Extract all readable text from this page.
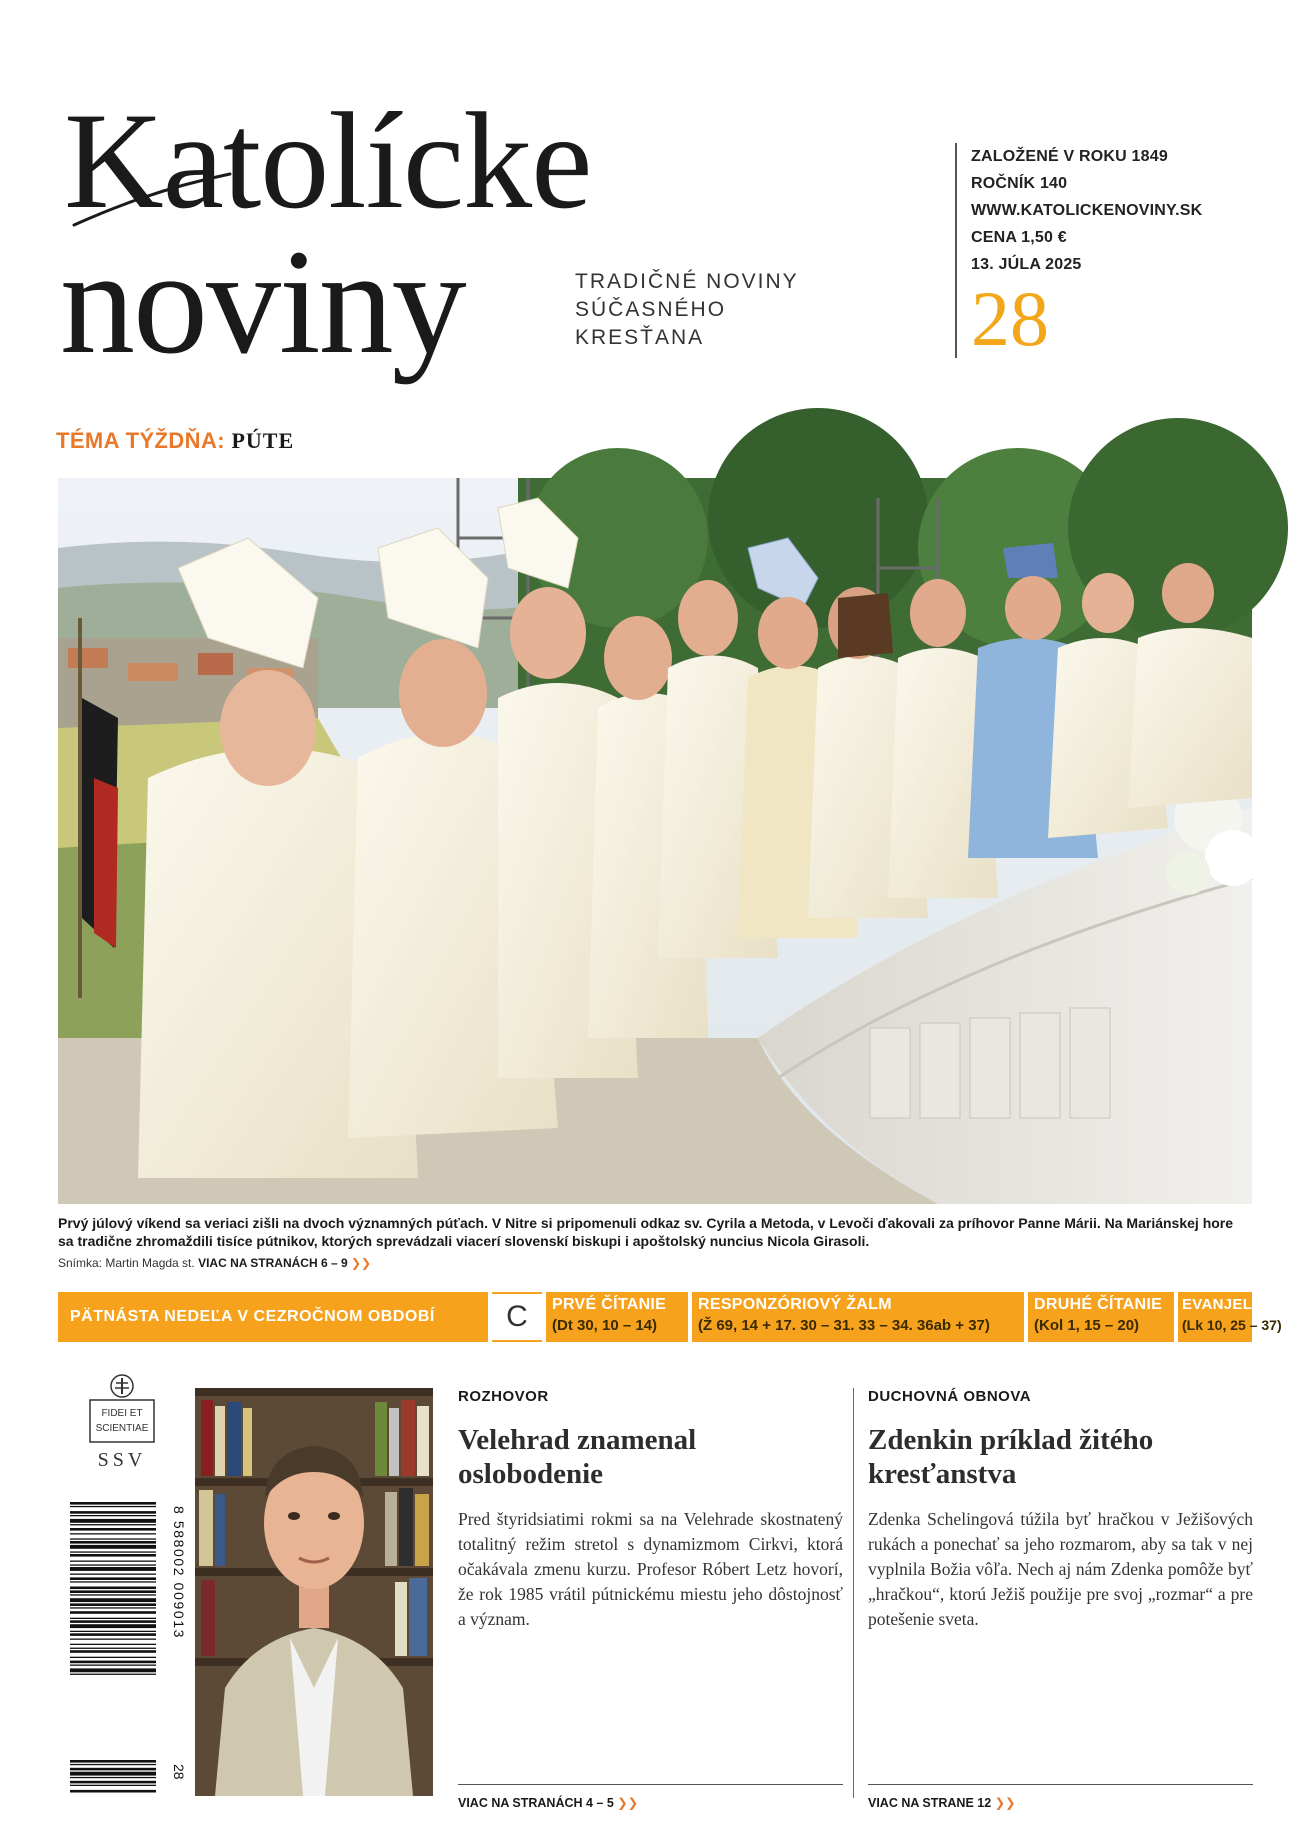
Katolícke
noviny	TRADIČNÉ NOVINY
SÚČASNÉHO
KRESŤANA
ZALOŽENÉ V ROKU 1849
ROČNÍK 140
WWW.KATOLICKENOVINY.SK
CENA 1,50 €
13. JÚLA 2025
28
TÉMA TÝŽDŇA: PÚTE
Prvý júlový víkend sa veriaci zišli na dvoch významných púťach. V Nitre si pripomenuli odkaz sv. Cyrila a Metoda, v Levoči ďakovali za príhovor Panne Márii. Na Mariánskej hore sa tradične zhromaždili tisíce pútnikov, ktorých sprevádzali viacerí slovenskí biskupi i apoštolský nuncius Nicola Girasoli.
Snímka: Martin Magda st. VIAC NA STRANÁCH 6 – 9 ❯❯
PÄTNÁSTA NEDEĽA V CEZROČNOM OBDOBÍ	C	PRVÉ ČÍTANIE
(Dt 30, 10 – 14)
RESPONZÓRIOVÝ ŽALM
(Ž 69, 14 + 17. 30 – 31. 33 – 34. 36ab + 37)
DRUHÉ ČÍTANIE
(Kol 1, 15 – 20)
EVANJELIUM
(Lk 10, 25 – 37)
FIDEI ET
SCIENTIAE
SSV
8 588002 009013
28
ROZHOVOR
Velehrad znamenal oslobodenie
Pred štyridsiatimi rokmi sa na Velehrade skostnatený totalitný režim stretol s dynamizmom Cirkvi, ktorá očakávala zmenu kurzu. Profesor Róbert Letz hovorí, že rok 1985 vrátil pútnickému miestu jeho dôstojnosť a význam.
DUCHOVNÁ OBNOVA
Zdenkin príklad žitého kresťanstva
Zdenka Schelingová túžila byť hračkou v Ježišových rukách a ponechať sa jeho rozmarom, aby sa tak v nej vyplnila Božia vôľa. Nech aj nám Zdenka pomôže byť „hračkou“, ktorú Ježiš použije pre svoj „rozmar“ a pre potešenie sveta.
VIAC NA STRANÁCH 4 – 5 ❯❯	VIAC NA STRANE 12 ❯❯
